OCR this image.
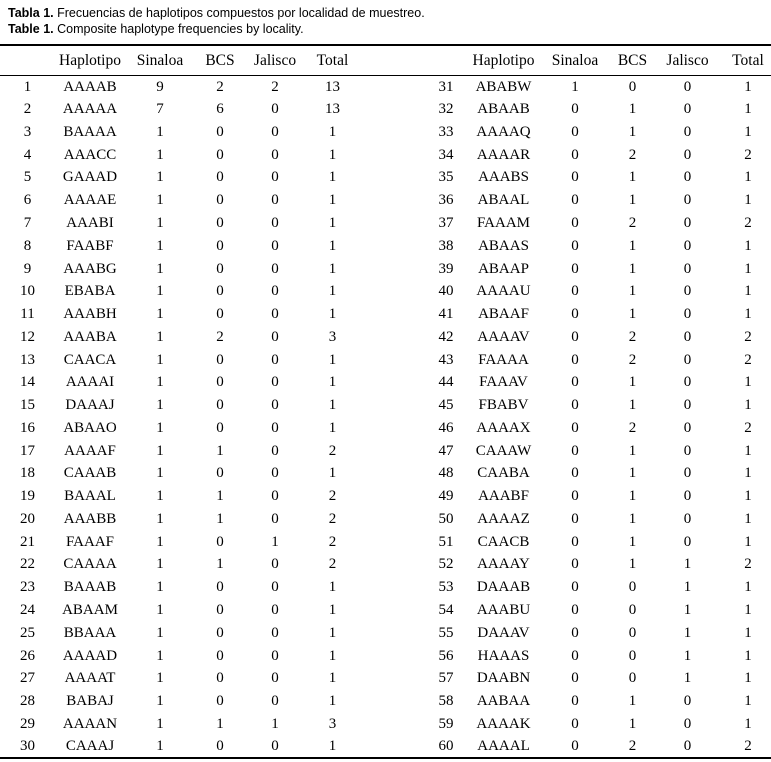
Tabla 1. Frecuencias de haplotipos compuestos por localidad de muestreo.

Table 1. Composite haplotype frequencies by locality.

	Haplotipo	Sinaloa	BCS	Jalisco	Total			Haplotipo	Sinaloa	BCS	Jalisco	Total
1	AAAAB	9	2	2	13		31	ABABW	1	0	0	1
2	AAAAA	7	6	0	13		32	ABAAB	0	1	0	1
3	BAAAA	1	0	0	1		33	AAAAQ	0	1	0	1
4	AAACC	1	0	0	1		34	AAAAR	0	2	0	2
5	GAAAD	1	0	0	1		35	AAABS	0	1	0	1
6	AAAAE	1	0	0	1		36	ABAAL	0	1	0	1
7	AAABI	1	0	0	1		37	FAAAM	0	2	0	2
8	FAABF	1	0	0	1		38	ABAAS	0	1	0	1
9	AAABG	1	0	0	1		39	ABAAP	0	1	0	1
10	EBABA	1	0	0	1		40	AAAAU	0	1	0	1
11	AAABH	1	0	0	1		41	ABAAF	0	1	0	1
12	AAABA	1	2	0	3		42	AAAAV	0	2	0	2
13	CAACA	1	0	0	1		43	FAAAA	0	2	0	2
14	AAAAI	1	0	0	1		44	FAAAV	0	1	0	1
15	DAAAJ	1	0	0	1		45	FBABV	0	1	0	1
16	ABAAO	1	0	0	1		46	AAAAX	0	2	0	2
17	AAAAF	1	1	0	2		47	CAAAW	0	1	0	1
18	CAAAB	1	0	0	1		48	CAABA	0	1	0	1
19	BAAAL	1	1	0	2		49	AAABF	0	1	0	1
20	AAABB	1	1	0	2		50	AAAAZ	0	1	0	1
21	FAAAF	1	0	1	2		51	CAACB	0	1	0	1
22	CAAAA	1	1	0	2		52	AAAAY	0	1	1	2
23	BAAAB	1	0	0	1		53	DAAAB	0	0	1	1
24	ABAAM	1	0	0	1		54	AAABU	0	0	1	1
25	BBAAA	1	0	0	1		55	DAAAV	0	0	1	1
26	AAAAD	1	0	0	1		56	HAAAS	0	0	1	1
27	AAAAT	1	0	0	1		57	DAABN	0	0	1	1
28	BABAJ	1	0	0	1		58	AABAA	0	1	0	1
29	AAAAN	1	1	1	3		59	AAAAK	0	1	0	1
30	CAAAJ	1	0	0	1		60	AAAAL	0	2	0	2
